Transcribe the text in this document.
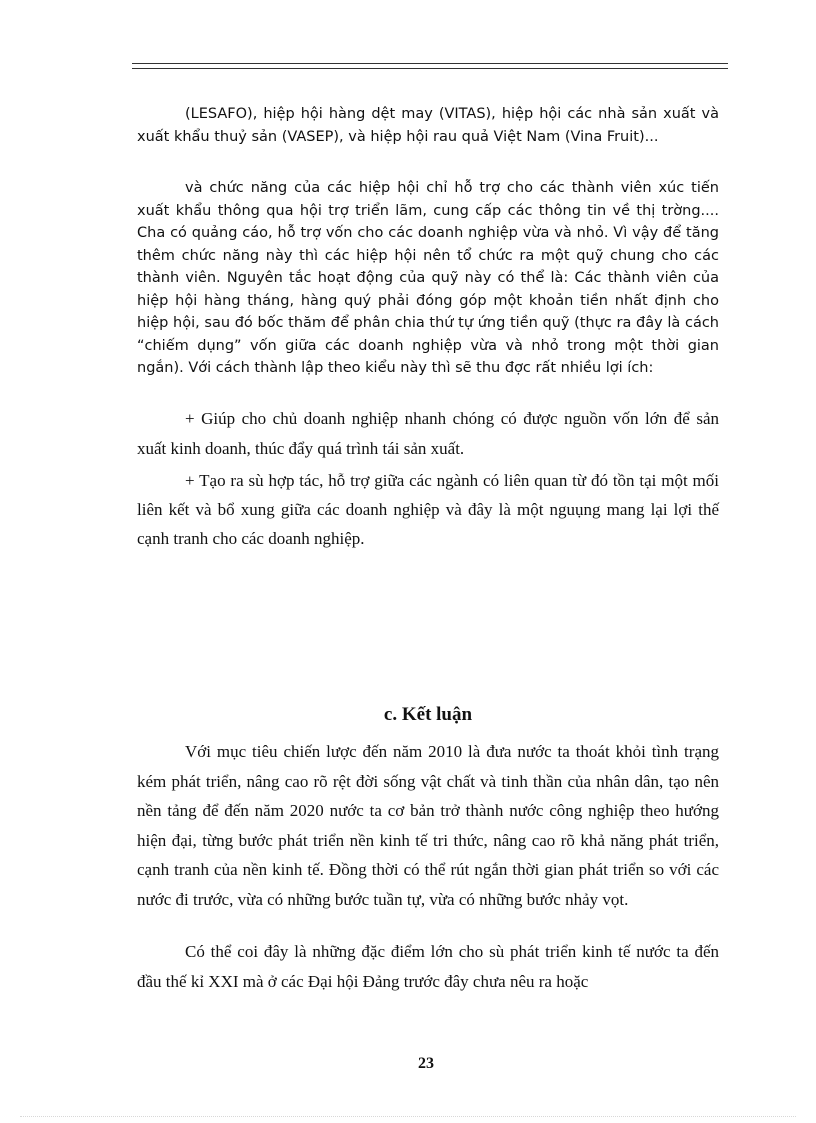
(LESAFO), hiệp hội hàng dệt may (VITAS), hiệp hội các nhà sản xuất và xuất khẩu thuỷ sản (VASEP), và hiệp hội rau quả Việt Nam (Vina Fruit)...

và chức năng của các hiệp hội chỉ hỗ trợ cho các thành viên xúc tiến xuất khẩu thông qua hội trợ triển lãm, cung cấp các thông tin về thị trờng.... Cha có quảng cáo, hỗ trợ vốn cho các doanh nghiệp vừa và nhỏ. Vì vậy để tăng thêm chức năng này thì các hiệp hội nên tổ chức ra một quỹ chung cho các thành viên. Nguyên tắc hoạt động của quỹ này có thể là: Các thành viên của hiệp hội hàng tháng, hàng quý phải đóng góp một khoản tiền nhất định cho hiệp hội, sau đó bốc thăm để phân chia thứ tự ứng tiền quỹ (thực ra đây là cách “chiếm dụng” vốn giữa các doanh nghiệp vừa và nhỏ trong một thời gian ngắn). Với cách thành lập theo kiểu này thì sẽ thu đợc rất nhiều lợi ích:

+ Giúp cho chủ doanh nghiệp nhanh chóng có được nguồn vốn lớn để sản xuất kinh doanh, thúc đẩy quá trình tái sản xuất.

+ Tạo ra sù hợp tác, hỗ trợ giữa các ngành có liên quan từ đó tồn tại một mối liên kết và bổ xung giữa các doanh nghiệp và đây là một nguụng mang lại lợi thế cạnh tranh cho các doanh nghiệp.

c. Kết luận

Với mục tiêu chiến lược đến năm 2010 là đưa nước ta thoát khỏi tình trạng kém phát triển, nâng cao rõ rệt đời sống vật chất và tinh thần của nhân dân, tạo nên nền tảng để đến năm 2020 nước ta cơ bản trở thành nước công nghiệp theo hướng hiện đại, từng bước phát triển nền kinh tế tri thức, nâng cao rõ khả năng phát triển, cạnh tranh của nền kinh tế. Đồng thời có thể rút ngắn thời gian phát triển so với các nước đi trước, vừa có những bước tuần tự, vừa có những bước nhảy vọt.

Có thể coi đây là những đặc điểm lớn cho sù phát triển kinh tế nước ta đến đầu thế kỉ XXI mà ở các Đại hội Đảng trước đây chưa nêu ra hoặc

23
